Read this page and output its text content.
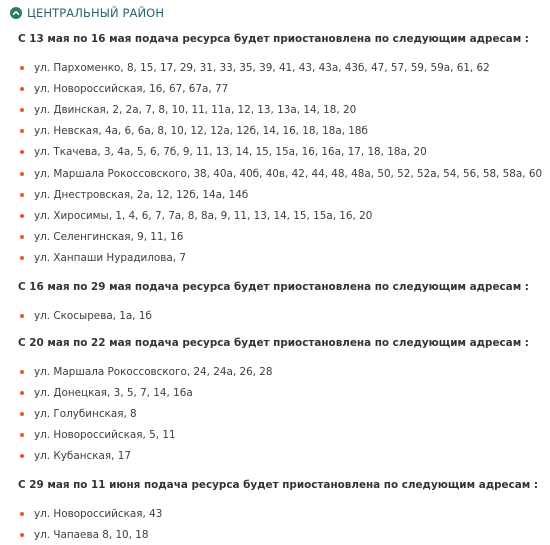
ЦЕНТРАЛЬНЫЙ РАЙОН
С 13 мая по 16 мая подача ресурса будет приостановлена по следующим адресам :
ул. Пархоменко, 8, 15, 17, 29, 31, 33, 35, 39, 41, 43, 43а, 43б, 47, 57, 59, 59а, 61, 62
ул. Новороссийская, 16, 67, 67а, 77
ул. Двинская, 2, 2а, 7, 8, 10, 11, 11а, 12, 13, 13а, 14, 18, 20
ул. Невская, 4а, 6, 6а, 8, 10, 12, 12а, 12б, 14, 16, 18, 18а, 18б
ул. Ткачева, 3, 4а, 5, 6, 7б, 9, 11, 13, 14, 15, 15а, 16, 16а, 17, 18, 18а, 20
ул. Маршала Рокоссовского, 38, 40а, 40б, 40в, 42, 44, 48, 48а, 50, 52, 52а, 54, 56, 58, 58а, 60
ул. Днестровская, 2а, 12, 12б, 14а, 14б
ул. Хиросимы, 1, 4, 6, 7, 7а, 8, 8а, 9, 11, 13, 14, 15, 15а, 16, 20
ул. Селенгинская, 9, 11, 16
ул. Ханпаши Нурадилова, 7
С 16 мая по 29 мая подача ресурса будет приостановлена по следующим адресам :
ул. Скосырева, 1а, 1б
С 20 мая по 22 мая подача ресурса будет приостановлена по следующим адресам :
ул. Маршала Рокоссовского, 24, 24а, 26, 28
ул. Донецкая, 3, 5, 7, 14, 16а
ул. Голубинская, 8
ул. Новороссийская, 5, 11
ул. Кубанская, 17
С 29 мая по 11 июня подача ресурса будет приостановлена по следующим адресам :
ул. Новороссийская, 43
ул. Чапаева 8, 10, 18
